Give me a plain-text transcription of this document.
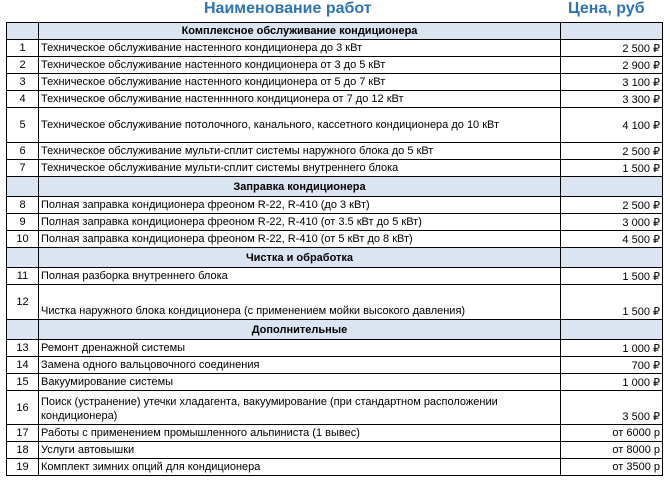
Наименование работ	Цена, руб
	Комплексное обслуживание кондиционера	
1	Техническое обслуживание настенного кондиционера до 3 кВт	2 500 ₽
2	Техническое обслуживание настенного кондиционера от 3 до 5 кВт	2 900 ₽
3	Техническое обслуживание настенного кондиционера от 5 до 7 кВт	3 100 ₽
4	Техническое обслуживание настенннного кондиционера от 7 до 12 кВт	3 300 ₽
5	Техническое обслуживание потолочного, канального, кассетного кондиционера до 10 кВт	4 100 ₽
6	Техническое обслуживание мульти-сплит системы наружного блока до 5 кВт	2 500 ₽
7	Техническое обслуживание мульти-сплит системы внутреннего блока	1 500 ₽
	Заправка кондиционера	
8	Полная заправка кондиционера фреоном R-22, R-410 (до 3 кВт)	2 500 ₽
9	Полная заправка кондиционера фреоном R-22, R-410 (от 3.5 кВт до 5 кВт)	3 000 ₽
10	Полная заправка кондиционера фреоном R-22, R-410 (от 5 кВт до 8 кВт)	4 500 ₽
	Чистка и обработка	
11	Полная разборка внутреннего блока	1 500 ₽
12	Чистка наружного блока кондиционера (с применением мойки высокого давления)	1 500 ₽
	Дополнительные	
13	Ремонт дренажной системы	1 000 ₽
14	Замена одного вальцовочного соединения	700 ₽
15	Вакуумирование системы	1 000 ₽
16	Поиск (устранение) утечки хладагента, вакуумирование (при стандартном расположении кондиционера)	3 500 ₽
17	Работы с применением промышленного альпиниста (1 вывес)	от 6000 р
18	Услуги автовышки	от 8000 р
19	Комплект зимних опций для кондиционера	от 3500 р
